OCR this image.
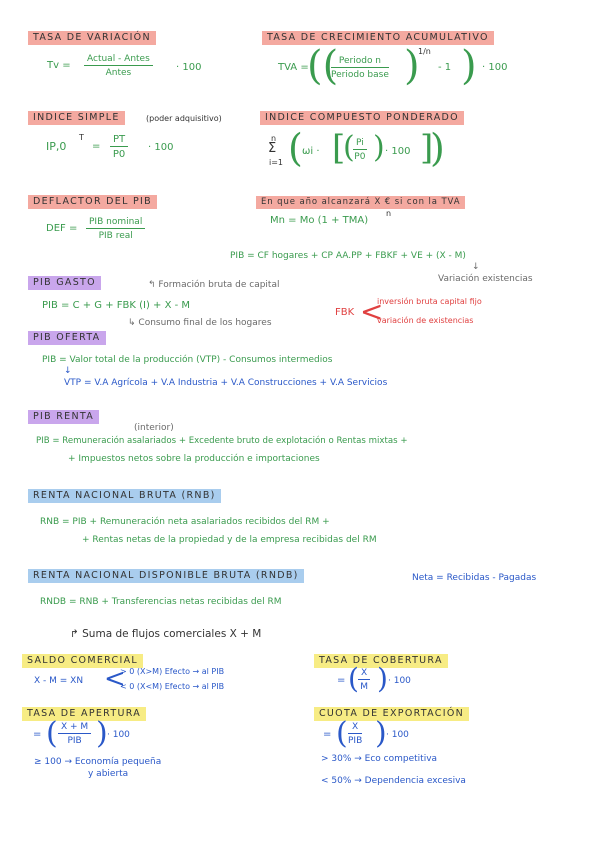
TASA DE VARIACIÓN
Tv =
Actual - Antes
Antes	· 100
TASA DE CRECIMIENTO ACUMULATIVO
TVA =
(( Periodo n
Periodo base )
1/n
- 1 ) · 100
INDICE SIMPLE	(poder adquisitivo)
IP,0
T
= $\frac{PT}{P0} \cdot 100$
INDICE COMPUESTO PONDERADO
n
Σ
i=1 ( ωi · [
(
$\frac{Pi}{P0}$ ) · 100 ]
)
DEFLACTOR DEL PIB
DEF =
PIB nominal
PIB real
En que año alcanzará X € si con la TVA
Mn = Mo (1 + TMA)
n
PIB = CF hogares + CP AA.PP + FBKF + VE + (X - M)
↓
Variación existencias
PIB GASTO	↰ Formación bruta de capital
PIB = C + G + FBK (I) + X - M
↳ Consumo final de los hogares
FBK <
inversión bruta capital fijo
variación de existencias
PIB OFERTA
PIB = Valor total de la producción (VTP) - Consumos intermedios
↓
VTP = V.A Agrícola + V.A Industria + V.A Construcciones + V.A Servicios
(interior)
PIB RENTA
PIB = Remuneración asalariados + Excedente bruto de explotación o Rentas mixtas +
+ Impuestos netos sobre la producción e importaciones
RENTA NACIONAL BRUTA (RNB)
RNB = PIB + Remuneración neta asalariados recibidos del RM +
+ Rentas netas de la propiedad y de la empresa recibidas del RM
RENTA NACIONAL DISPONIBLE BRUTA (RNDB)	Neta = Recibidas - Pagadas
RNDB = RNB + Transferencias netas recibidas del RM
↱ Suma de flujos comerciales X + M
SALDO COMERCIAL
X - M = XN <
> 0 (X>M) Efecto → al PIB
< 0 (X<M) Efecto → al PIB
TASA DE COBERTURA
= ( $\frac{X}{M}$ ) · 100
TASA DE APERTURA
= ( X + M
PIB ) · 100
≥ 100 → Economía pequeña
y abierta
CUOTA DE EXPORTACIÓN
= ( X
PIB ) · 100
> 30% → Eco competitiva
< 50% → Dependencia excesiva
